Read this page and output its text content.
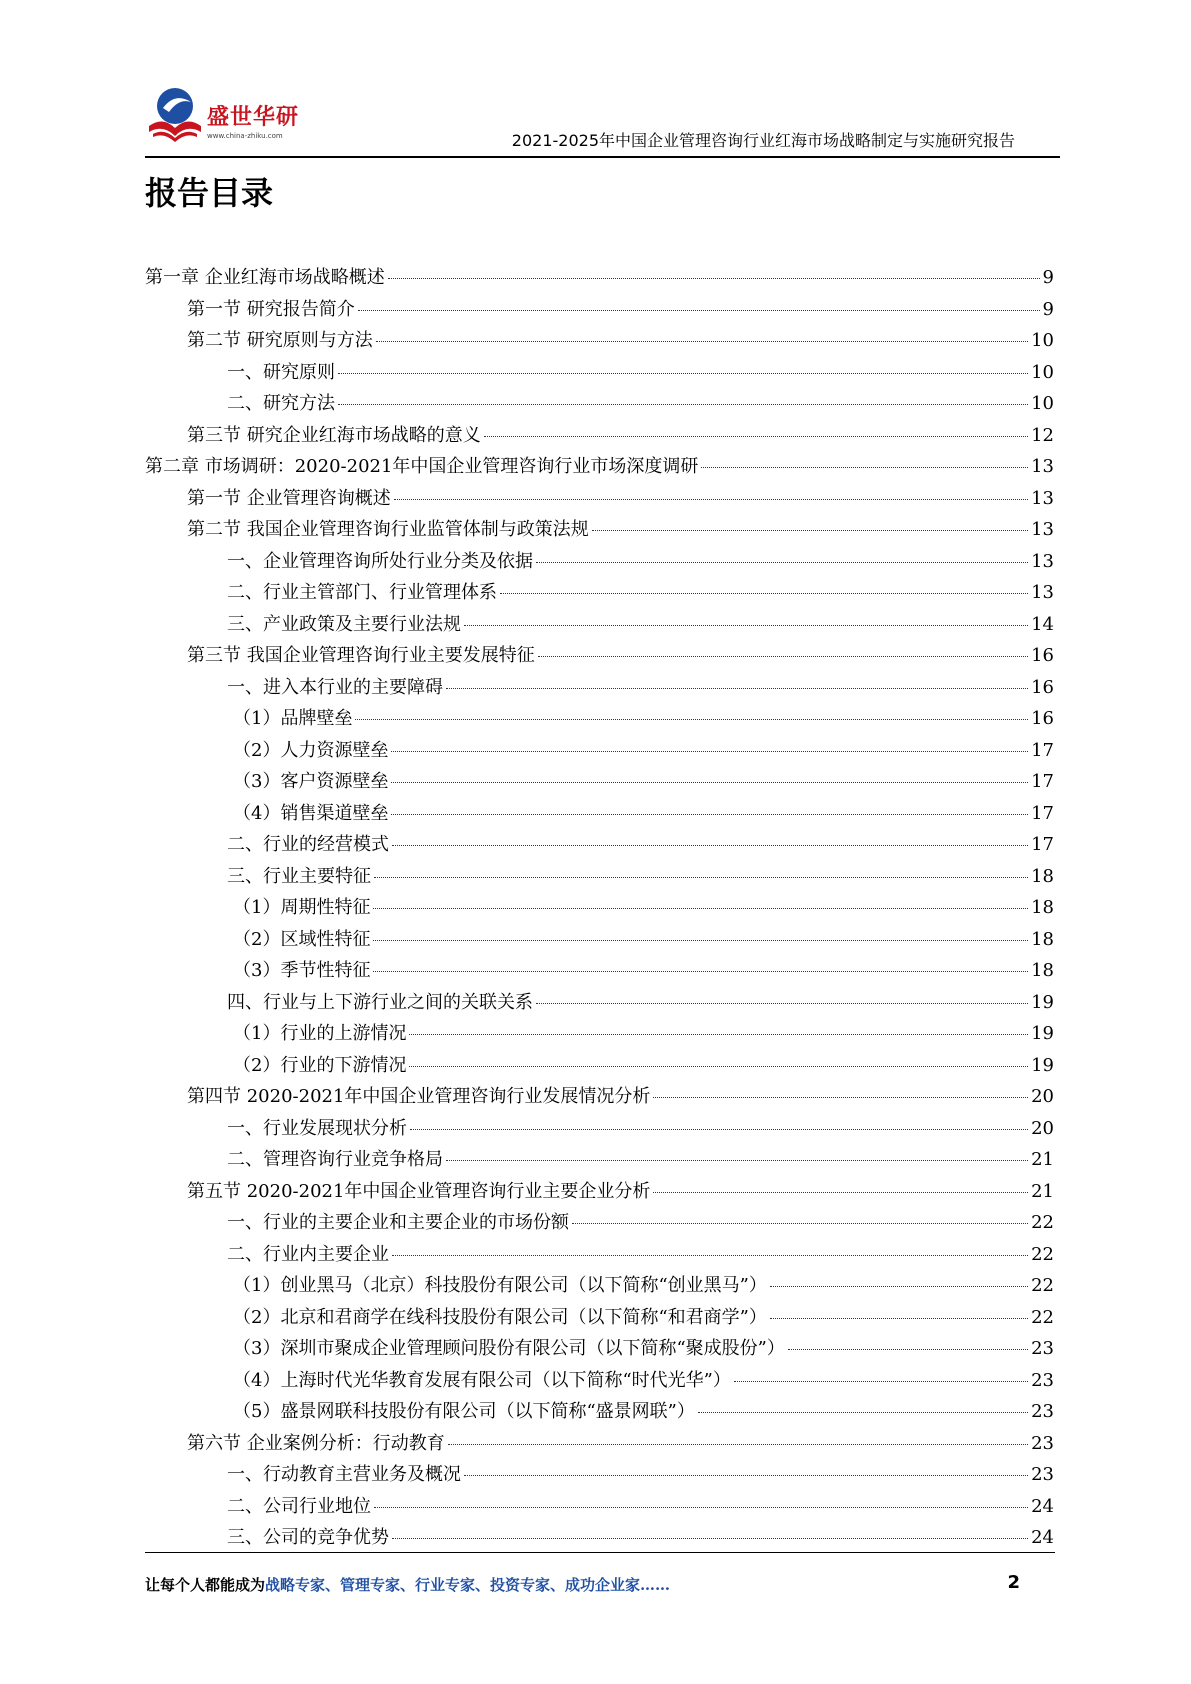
盛世华研
www.china-zhiku.com	2021-2025年中国企业管理咨询行业红海市场战略制定与实施研究报告
报告目录
第一章 企业红海市场战略概述	9
第一节 研究报告简介	9
第二节 研究原则与方法	10
一、研究原则	10
二、研究方法	10
第三节 研究企业红海市场战略的意义	12
第二章 市场调研：2020-2021年中国企业管理咨询行业市场深度调研	13
第一节 企业管理咨询概述	13
第二节 我国企业管理咨询行业监管体制与政策法规	13
一、企业管理咨询所处行业分类及依据	13
二、行业主管部门、行业管理体系	13
三、产业政策及主要行业法规	14
第三节 我国企业管理咨询行业主要发展特征	16
一、进入本行业的主要障碍	16
（1）品牌壁垒	16
（2）人力资源壁垒	17
（3）客户资源壁垒	17
（4）销售渠道壁垒	17
二、行业的经营模式	17
三、行业主要特征	18
（1）周期性特征	18
（2）区域性特征	18
（3）季节性特征	18
四、行业与上下游行业之间的关联关系	19
（1）行业的上游情况	19
（2）行业的下游情况	19
第四节 2020-2021年中国企业管理咨询行业发展情况分析	20
一、行业发展现状分析	20
二、管理咨询行业竞争格局	21
第五节 2020-2021年中国企业管理咨询行业主要企业分析	21
一、行业的主要企业和主要企业的市场份额	22
二、行业内主要企业	22
（1）创业黑马（北京）科技股份有限公司（以下简称“创业黑马”）	22
（2）北京和君商学在线科技股份有限公司（以下简称“和君商学”）	22
（3）深圳市聚成企业管理顾问股份有限公司（以下简称“聚成股份”）	23
（4）上海时代光华教育发展有限公司（以下简称“时代光华”）	23
（5）盛景网联科技股份有限公司（以下简称“盛景网联”）	23
第六节 企业案例分析：行动教育	23
一、行动教育主营业务及概况	23
二、公司行业地位	24
三、公司的竞争优势	24
让每个人都能成为战略专家、管理专家、行业专家、投资专家、成功企业家……	2
